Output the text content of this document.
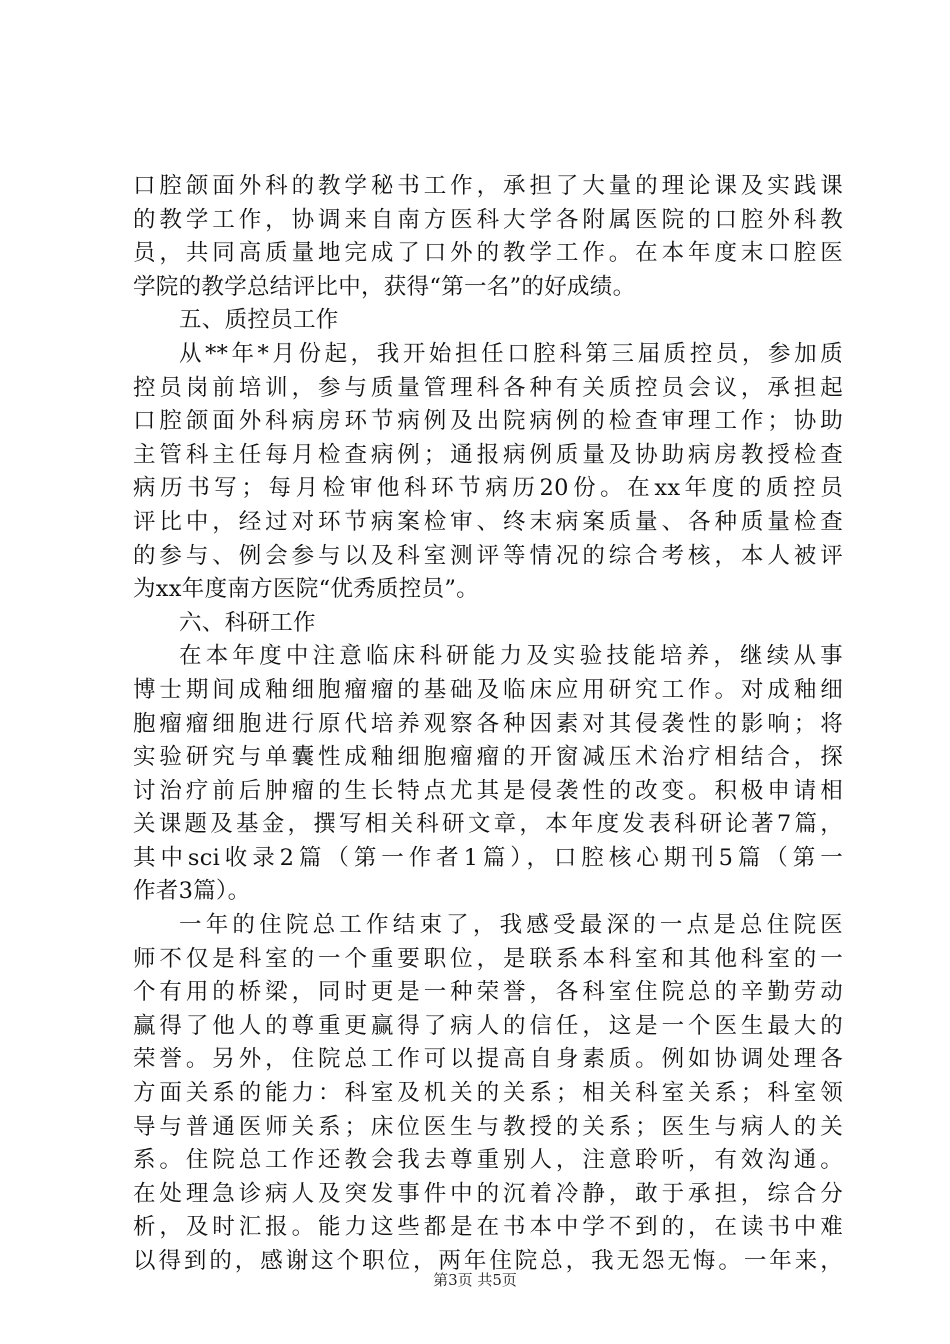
口腔颌面外科的教学秘书工作，承担了大量的理论课及实践课
的教学工作，协调来自南方医科大学各附属医院的口腔外科教
员，共同高质量地完成了口外的教学工作。在本年度末口腔医
学院的教学总结评比中，获得“第一名”的好成绩。
五、质控员工作
从**年*月份起，我开始担任口腔科第三届质控员，参加质
控员岗前培训，参与质量管理科各种有关质控员会议，承担起
口腔颌面外科病房环节病例及出院病例的检查审理工作；协助
主管科主任每月检查病例；通报病例质量及协助病房教授检查
病历书写；每月检审他科环节病历20份。在xx年度的质控员
评比中，经过对环节病案检审、终末病案质量、各种质量检查
的参与、例会参与以及科室测评等情况的综合考核，本人被评
为xx年度南方医院“优秀质控员”。
六、科研工作
在本年度中注意临床科研能力及实验技能培养，继续从事
博士期间成釉细胞瘤瘤的基础及临床应用研究工作。对成釉细
胞瘤瘤细胞进行原代培养观察各种因素对其侵袭性的影响；将
实验研究与单囊性成釉细胞瘤瘤的开窗减压术治疗相结合，探
讨治疗前后肿瘤的生长特点尤其是侵袭性的改变。积极申请相
关课题及基金，撰写相关科研文章，本年度发表科研论著7篇，
其中sci收录2篇（第一作者1篇），口腔核心期刊5篇（第一
作者3篇）。
一年的住院总工作结束了，我感受最深的一点是总住院医
师不仅是科室的一个重要职位，是联系本科室和其他科室的一
个有用的桥梁，同时更是一种荣誉，各科室住院总的辛勤劳动
赢得了他人的尊重更赢得了病人的信任，这是一个医生最大的
荣誉。另外，住院总工作可以提高自身素质。例如协调处理各
方面关系的能力：科室及机关的关系；相关科室关系；科室领
导与普通医师关系；床位医生与教授的关系；医生与病人的关
系。住院总工作还教会我去尊重别人，注意聆听，有效沟通。
在处理急诊病人及突发事件中的沉着冷静，敢于承担，综合分
析，及时汇报。能力这些都是在书本中学不到的，在读书中难
以得到的，感谢这个职位，两年住院总，我无怨无悔。一年来，
第3页 共5页
